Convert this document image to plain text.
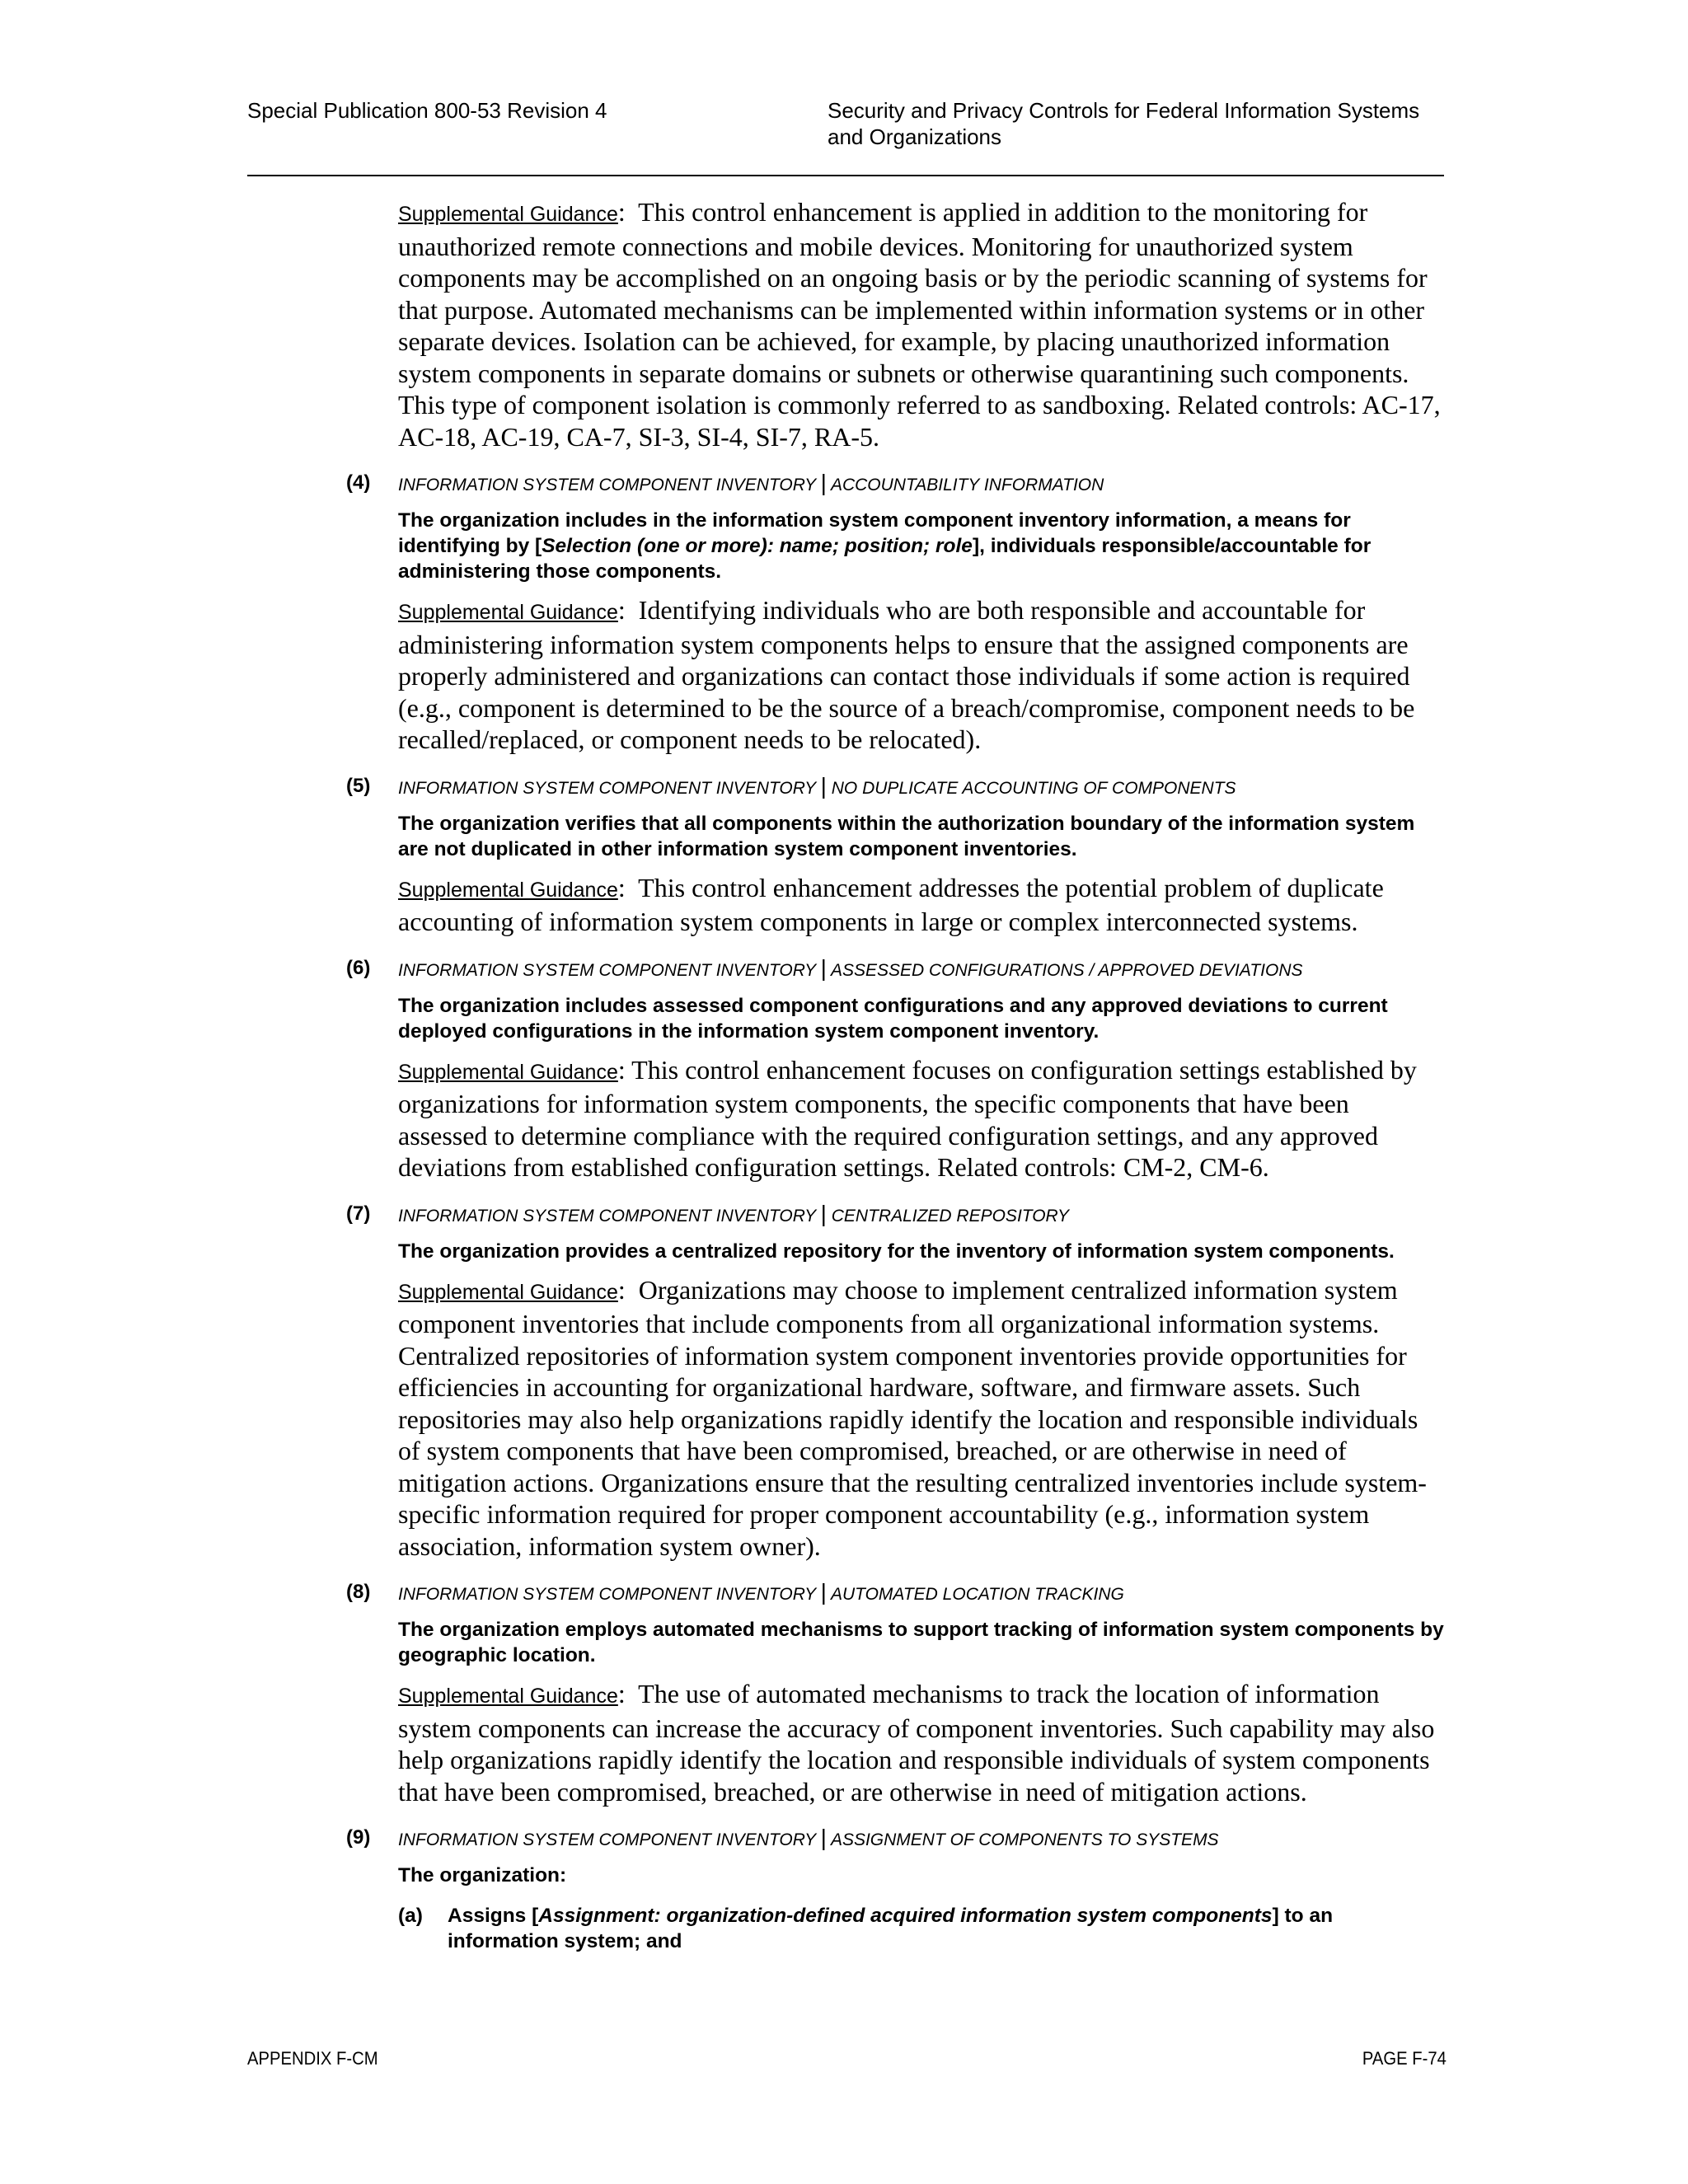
Special Publication 800-53 Revision 4	Security and Privacy Controls for Federal Information Systems
and Organizations
Supplemental Guidance:  This control enhancement is applied in addition to the monitoring for unauthorized remote connections and mobile devices. Monitoring for unauthorized system components may be accomplished on an ongoing basis or by the periodic scanning of systems for that purpose. Automated mechanisms can be implemented within information systems or in other separate devices. Isolation can be achieved, for example, by placing unauthorized information system components in separate domains or subnets or otherwise quarantining such components. This type of component isolation is commonly referred to as sandboxing. Related controls: AC-17, AC-18, AC-19, CA-7, SI-3, SI-4, SI-7, RA-5.
(4) INFORMATION SYSTEM COMPONENT INVENTORY | ACCOUNTABILITY INFORMATION
The organization includes in the information system component inventory information, a means for identifying by [Selection (one or more): name; position; role], individuals responsible/accountable for administering those components.
Supplemental Guidance:  Identifying individuals who are both responsible and accountable for administering information system components helps to ensure that the assigned components are properly administered and organizations can contact those individuals if some action is required (e.g., component is determined to be the source of a breach/compromise, component needs to be recalled/replaced, or component needs to be relocated).
(5) INFORMATION SYSTEM COMPONENT INVENTORY | NO DUPLICATE ACCOUNTING OF COMPONENTS
The organization verifies that all components within the authorization boundary of the information system are not duplicated in other information system component inventories.
Supplemental Guidance:  This control enhancement addresses the potential problem of duplicate accounting of information system components in large or complex interconnected systems.
(6) INFORMATION SYSTEM COMPONENT INVENTORY | ASSESSED CONFIGURATIONS / APPROVED DEVIATIONS
The organization includes assessed component configurations and any approved deviations to current deployed configurations in the information system component inventory.
Supplemental Guidance: This control enhancement focuses on configuration settings established by organizations for information system components, the specific components that have been assessed to determine compliance with the required configuration settings, and any approved deviations from established configuration settings. Related controls: CM-2, CM-6.
(7) INFORMATION SYSTEM COMPONENT INVENTORY | CENTRALIZED REPOSITORY
The organization provides a centralized repository for the inventory of information system components.
Supplemental Guidance:  Organizations may choose to implement centralized information system component inventories that include components from all organizational information systems. Centralized repositories of information system component inventories provide opportunities for efficiencies in accounting for organizational hardware, software, and firmware assets. Such repositories may also help organizations rapidly identify the location and responsible individuals of system components that have been compromised, breached, or are otherwise in need of mitigation actions. Organizations ensure that the resulting centralized inventories include system-specific information required for proper component accountability (e.g., information system association, information system owner).
(8) INFORMATION SYSTEM COMPONENT INVENTORY | AUTOMATED LOCATION TRACKING
The organization employs automated mechanisms to support tracking of information system components by geographic location.
Supplemental Guidance:  The use of automated mechanisms to track the location of information system components can increase the accuracy of component inventories. Such capability may also help organizations rapidly identify the location and responsible individuals of system components that have been compromised, breached, or are otherwise in need of mitigation actions.
(9) INFORMATION SYSTEM COMPONENT INVENTORY | ASSIGNMENT OF COMPONENTS TO SYSTEMS
The organization:
(a) Assigns [Assignment: organization-defined acquired information system components] to an information system; and
APPENDIX F-CM	PAGE F-74
